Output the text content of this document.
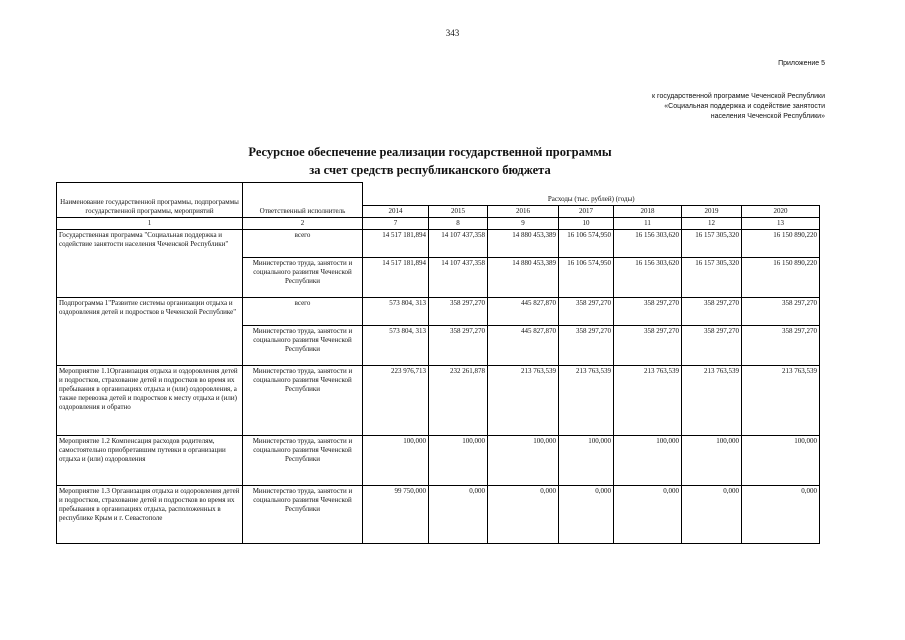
343
Приложение 5
к государственной программе Чеченской Республики
«Социальная поддержка и содействие занятости
населения Чеченской Республики»
Ресурсное обеспечение реализации государственной программы
за счет средств республиканского бюджета
Наименование государственной программы, подпрограммы государственной программы, мероприятий	Ответственный исполнитель	Расходы (тыс. рублей) (годы)						
		2014	2015	2016	2017	2018	2019	2020
1	2	7	8	9	10	11	12	13
Государственная программа "Социальная поддержка и содействие занятости населения Чеченской Республики"	всего	14 517 181,894	14 107 437,358	14 880 453,389	16 106 574,950	16 156 303,620	16 157 305,320	16 150 890,220
	Министерство труда, занятости и социального развития Чеченской Республики	14 517 181,894	14 107 437,358	14 880 453,389	16 106 574,950	16 156 303,620	16 157 305,320	16 150 890,220
Подпрограмма 1"Развитие системы организации отдыха и оздоровления детей и подростков в Чеченской Республике"	всего	573 804, 313	358 297,270	445 827,870	358 297,270	358 297,270	358 297,270	358 297,270
	Министерство труда, занятости и социального развития Чеченской Республики	573 804, 313	358 297,270	445 827,870	358 297,270	358 297,270	358 297,270	358 297,270
Мероприятие 1.1Организация отдыха и оздоровления детей и подростков, страхование детей и подростков во время их пребывания в организациях отдыха и (или) оздоровления, а также перевозка детей и подростков к месту отдыха и (или) оздоровления и обратно	Министерство труда, занятости и социального развития Чеченской Республики	223 976,713	232 261,878	213 763,539	213 763,539	213 763,539	213 763,539	213 763,539
Мероприятие 1.2 Компенсация расходов родителям, самостоятельно приобретавшим путевки в организации отдыха и (или) оздоровления	Министерство труда, занятости и социального развития Чеченской Республики	100,000	100,000	100,000	100,000	100,000	100,000	100,000
Мероприятие 1.3 Организация отдыха и оздоровления детей и подростков, страхование детей и подростков во время их пребывания в организациях отдыха, расположенных в республике Крым и г. Севастополе	Министерство труда, занятости и социального развития Чеченской Республики	99 750,000	0,000	0,000	0,000	0,000	0,000	0,000
